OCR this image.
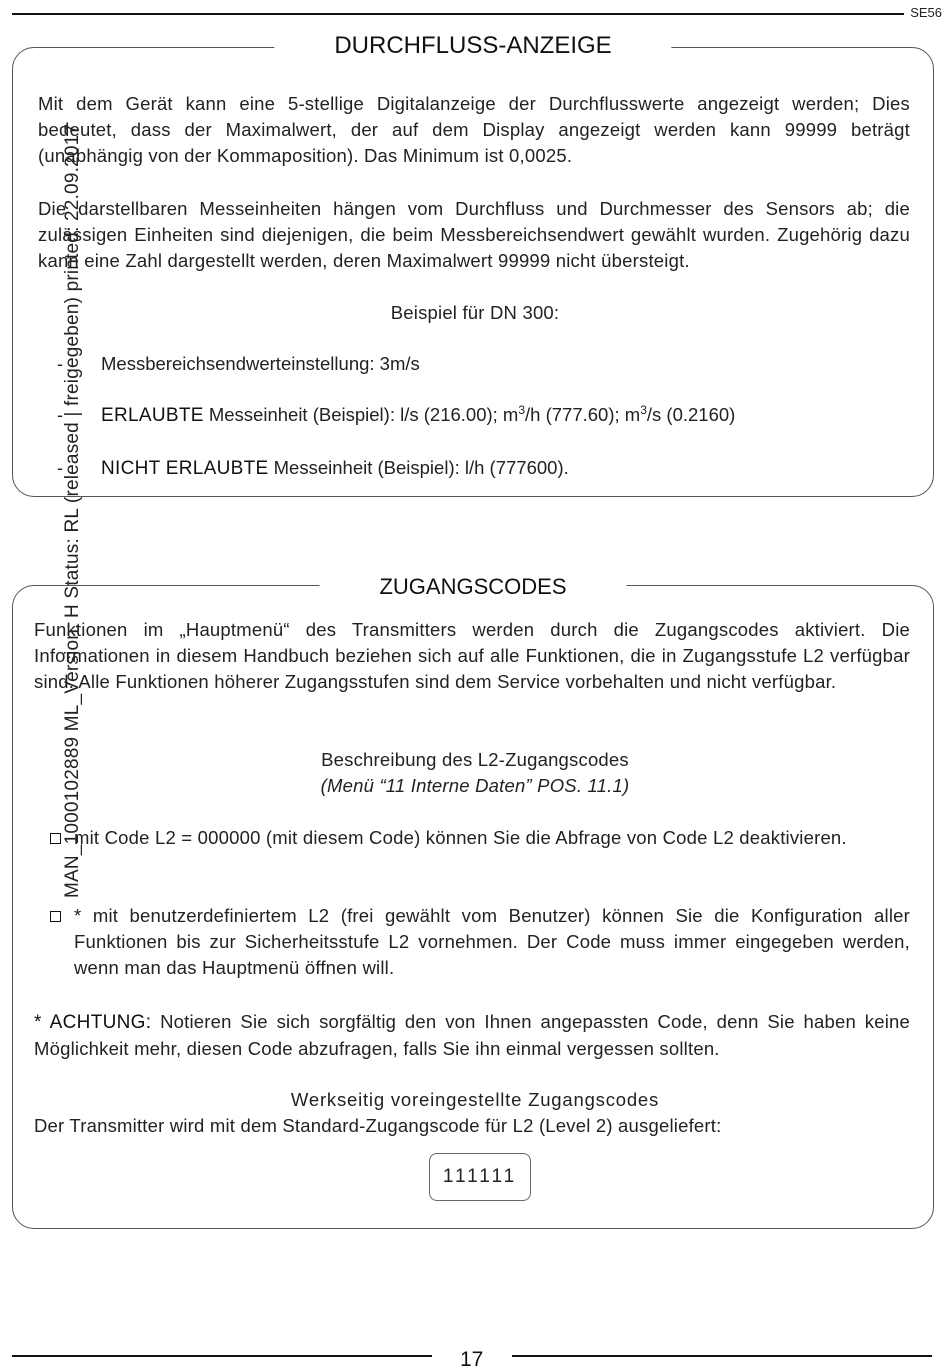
SE56
DURCHFLUSS-ANZEIGE
Mit dem Gerät kann eine 5-stellige Digitalanzeige der Durchflusswerte angezeigt werden; Dies bedeutet, dass der Maximalwert, der auf dem Display angezeigt werden kann 99999 beträgt (unabhängig von der Kommaposition). Das Minimum ist 0,0025.
Die darstellbaren Messeinheiten hängen vom Durchfluss und Durchmesser des Sensors ab; die zulässigen Einheiten sind diejenigen, die beim Messbereichsendwert gewählt wurden. Zugehörig dazu kann eine Zahl dargestellt werden, deren Maximalwert 99999 nicht übersteigt.
Beispiel für DN 300:
- Messbereichsendwerteinstellung: 3m/s
- ERLAUBTE Messeinheit (Beispiel): l/s (216.00); $m^3/h$ (777.60); $m^3/s$ (0.2160)
- NICHT ERLAUBTE Messeinheit (Beispiel): l/h (777600).
ZUGANGSCODES
Funktionen im „Hauptmenü“ des Transmitters werden durch die Zugangscodes aktiviert. Die Informationen in diesem Handbuch beziehen sich auf alle Funktionen, die in Zugangsstufe L2 verfügbar sind. Alle Funktionen höherer Zugangsstufen sind dem Service vorbehalten und nicht verfügbar.
Beschreibung des L2-Zugangscodes
(Menü “11 Interne Daten” POS. 11.1)
mit Code L2 = 000000 (mit diesem Code) können Sie die Abfrage von Code L2 deaktivieren.
* mit benutzerdefiniertem L2 (frei gewählt vom Benutzer) können Sie die Konfiguration aller Funktionen bis zur Sicherheitsstufe L2 vornehmen. Der Code muss immer eingegeben werden, wenn man das Hauptmenü öffnen will.
* ACHTUNG: Notieren Sie sich sorgfältig den von Ihnen angepassten Code, denn Sie haben keine Möglichkeit mehr, diesen Code abzufragen, falls Sie ihn einmal vergessen sollten.
Werkseitig voreingestellte Zugangscodes
Der Transmitter wird mit dem Standard-Zugangscode für L2 (Level 2) ausgeliefert:
111111
MAN_1000102889 ML_Version: H Status: RL (released | freigegeben) printed: 22.09.2017
17
